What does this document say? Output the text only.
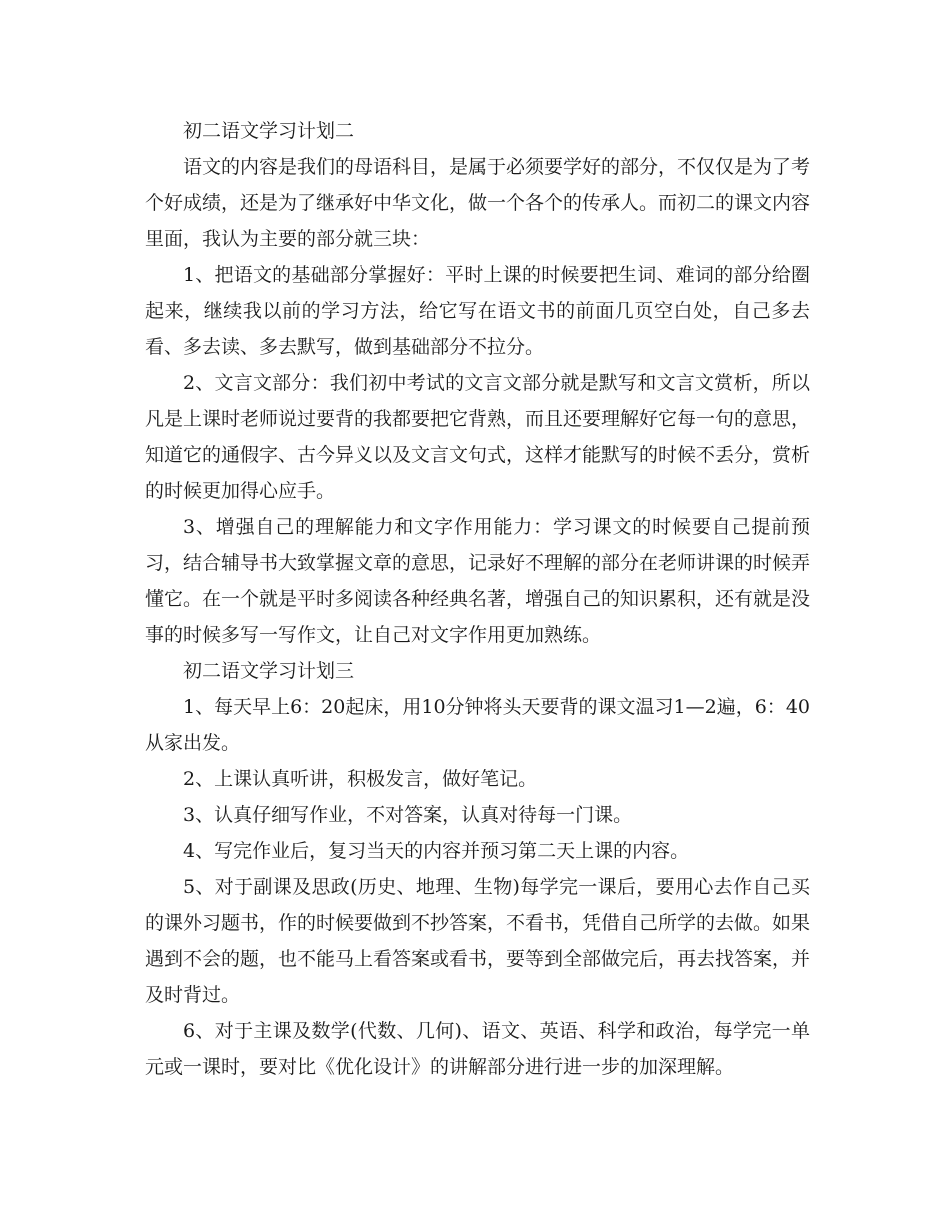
初二语文学习计划二

语文的内容是我们的母语科目，是属于必须要学好的部分，不仅仅是为了考个好成绩，还是为了继承好中华文化，做一个各个的传承人。而初二的课文内容里面，我认为主要的部分就三块：

1、把语文的基础部分掌握好：平时上课的时候要把生词、难词的部分给圈起来，继续我以前的学习方法，给它写在语文书的前面几页空白处，自己多去看、多去读、多去默写，做到基础部分不拉分。

2、文言文部分：我们初中考试的文言文部分就是默写和文言文赏析，所以凡是上课时老师说过要背的我都要把它背熟，而且还要理解好它每一句的意思，知道它的通假字、古今异义以及文言文句式，这样才能默写的时候不丢分，赏析的时候更加得心应手。

3、增强自己的理解能力和文字作用能力：学习课文的时候要自己提前预习，结合辅导书大致掌握文章的意思，记录好不理解的部分在老师讲课的时候弄懂它。在一个就是平时多阅读各种经典名著，增强自己的知识累积，还有就是没事的时候多写一写作文，让自己对文字作用更加熟练。

初二语文学习计划三

1、每天早上6：20起床，用10分钟将头天要背的课文温习1—2遍，6：40从家出发。

2、上课认真听讲，积极发言，做好笔记。

3、认真仔细写作业，不对答案，认真对待每一门课。

4、写完作业后，复习当天的内容并预习第二天上课的内容。

5、对于副课及思政(历史、地理、生物)每学完一课后，要用心去作自己买的课外习题书，作的时候要做到不抄答案，不看书，凭借自己所学的去做。如果遇到不会的题，也不能马上看答案或看书，要等到全部做完后，再去找答案，并及时背过。

6、对于主课及数学(代数、几何)、语文、英语、科学和政治，每学完一单元或一课时，要对比《优化设计》的讲解部分进行进一步的加深理解。
